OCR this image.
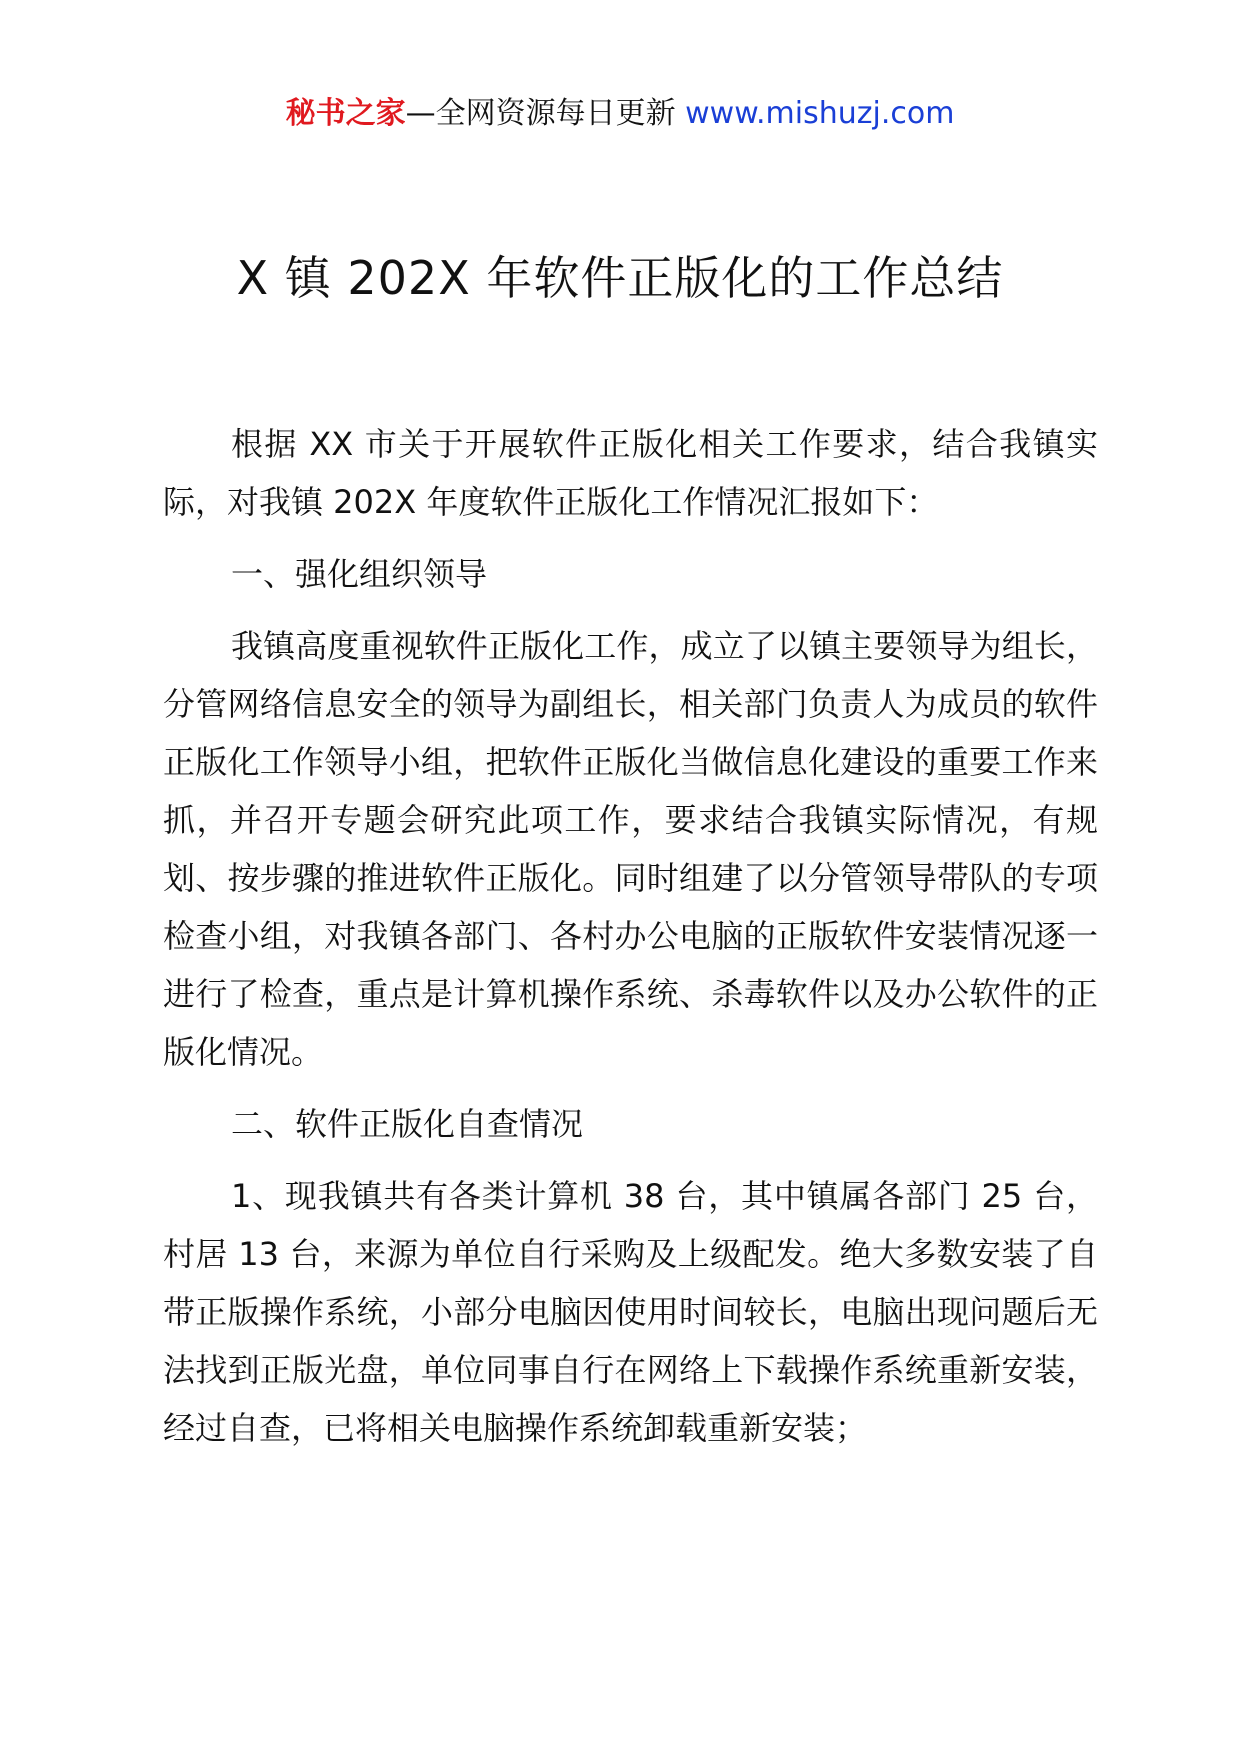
秘书之家—全网资源每日更新 www.mishuzj.com
X 镇 202X 年软件正版化的工作总结

根据 XX 市关于开展软件正版化相关工作要求，结合我镇实际，对我镇 202X 年度软件正版化工作情况汇报如下：

一、强化组织领导

我镇高度重视软件正版化工作，成立了以镇主要领导为组长，分管网络信息安全的领导为副组长，相关部门负责人为成员的软件正版化工作领导小组，把软件正版化当做信息化建设的重要工作来抓，并召开专题会研究此项工作，要求结合我镇实际情况，有规划、按步骤的推进软件正版化。同时组建了以分管领导带队的专项检查小组，对我镇各部门、各村办公电脑的正版软件安装情况逐一进行了检查，重点是计算机操作系统、杀毒软件以及办公软件的正版化情况。

二、软件正版化自查情况

1、现我镇共有各类计算机 38 台，其中镇属各部门 25 台，村居 13 台，来源为单位自行采购及上级配发。绝大多数安装了自带正版操作系统，小部分电脑因使用时间较长，电脑出现问题后无法找到正版光盘，单位同事自行在网络上下载操作系统重新安装，经过自查，已将相关电脑操作系统卸载重新安装；
